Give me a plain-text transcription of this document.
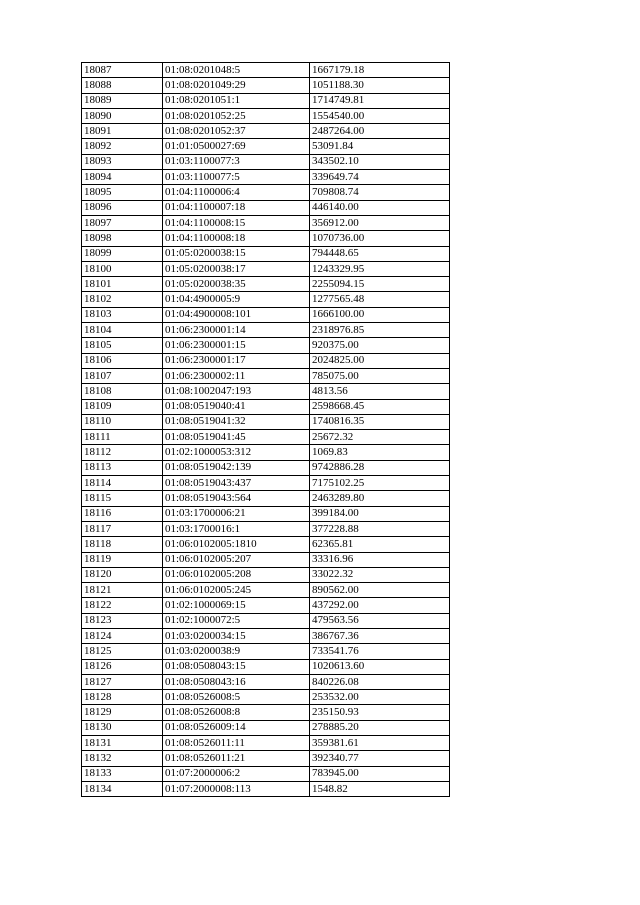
18087	01:08:0201048:5	1667179.18
18088	01:08:0201049:29	1051188.30
18089	01:08:0201051:1	1714749.81
18090	01:08:0201052:25	1554540.00
18091	01:08:0201052:37	2487264.00
18092	01:01:0500027:69	53091.84
18093	01:03:1100077:3	343502.10
18094	01:03:1100077:5	339649.74
18095	01:04:1100006:4	709808.74
18096	01:04:1100007:18	446140.00
18097	01:04:1100008:15	356912.00
18098	01:04:1100008:18	1070736.00
18099	01:05:0200038:15	794448.65
18100	01:05:0200038:17	1243329.95
18101	01:05:0200038:35	2255094.15
18102	01:04:4900005:9	1277565.48
18103	01:04:4900008:101	1666100.00
18104	01:06:2300001:14	2318976.85
18105	01:06:2300001:15	920375.00
18106	01:06:2300001:17	2024825.00
18107	01:06:2300002:11	785075.00
18108	01:08:1002047:193	4813.56
18109	01:08:0519040:41	2598668.45
18110	01:08:0519041:32	1740816.35
18111	01:08:0519041:45	25672.32
18112	01:02:1000053:312	1069.83
18113	01:08:0519042:139	9742886.28
18114	01:08:0519043:437	7175102.25
18115	01:08:0519043:564	2463289.80
18116	01:03:1700006:21	399184.00
18117	01:03:1700016:1	377228.88
18118	01:06:0102005:1810	62365.81
18119	01:06:0102005:207	33316.96
18120	01:06:0102005:208	33022.32
18121	01:06:0102005:245	890562.00
18122	01:02:1000069:15	437292.00
18123	01:02:1000072:5	479563.56
18124	01:03:0200034:15	386767.36
18125	01:03:0200038:9	733541.76
18126	01:08:0508043:15	1020613.60
18127	01:08:0508043:16	840226.08
18128	01:08:0526008:5	253532.00
18129	01:08:0526008:8	235150.93
18130	01:08:0526009:14	278885.20
18131	01:08:0526011:11	359381.61
18132	01:08:0526011:21	392340.77
18133	01:07:2000006:2	783945.00
18134	01:07:2000008:113	1548.82
